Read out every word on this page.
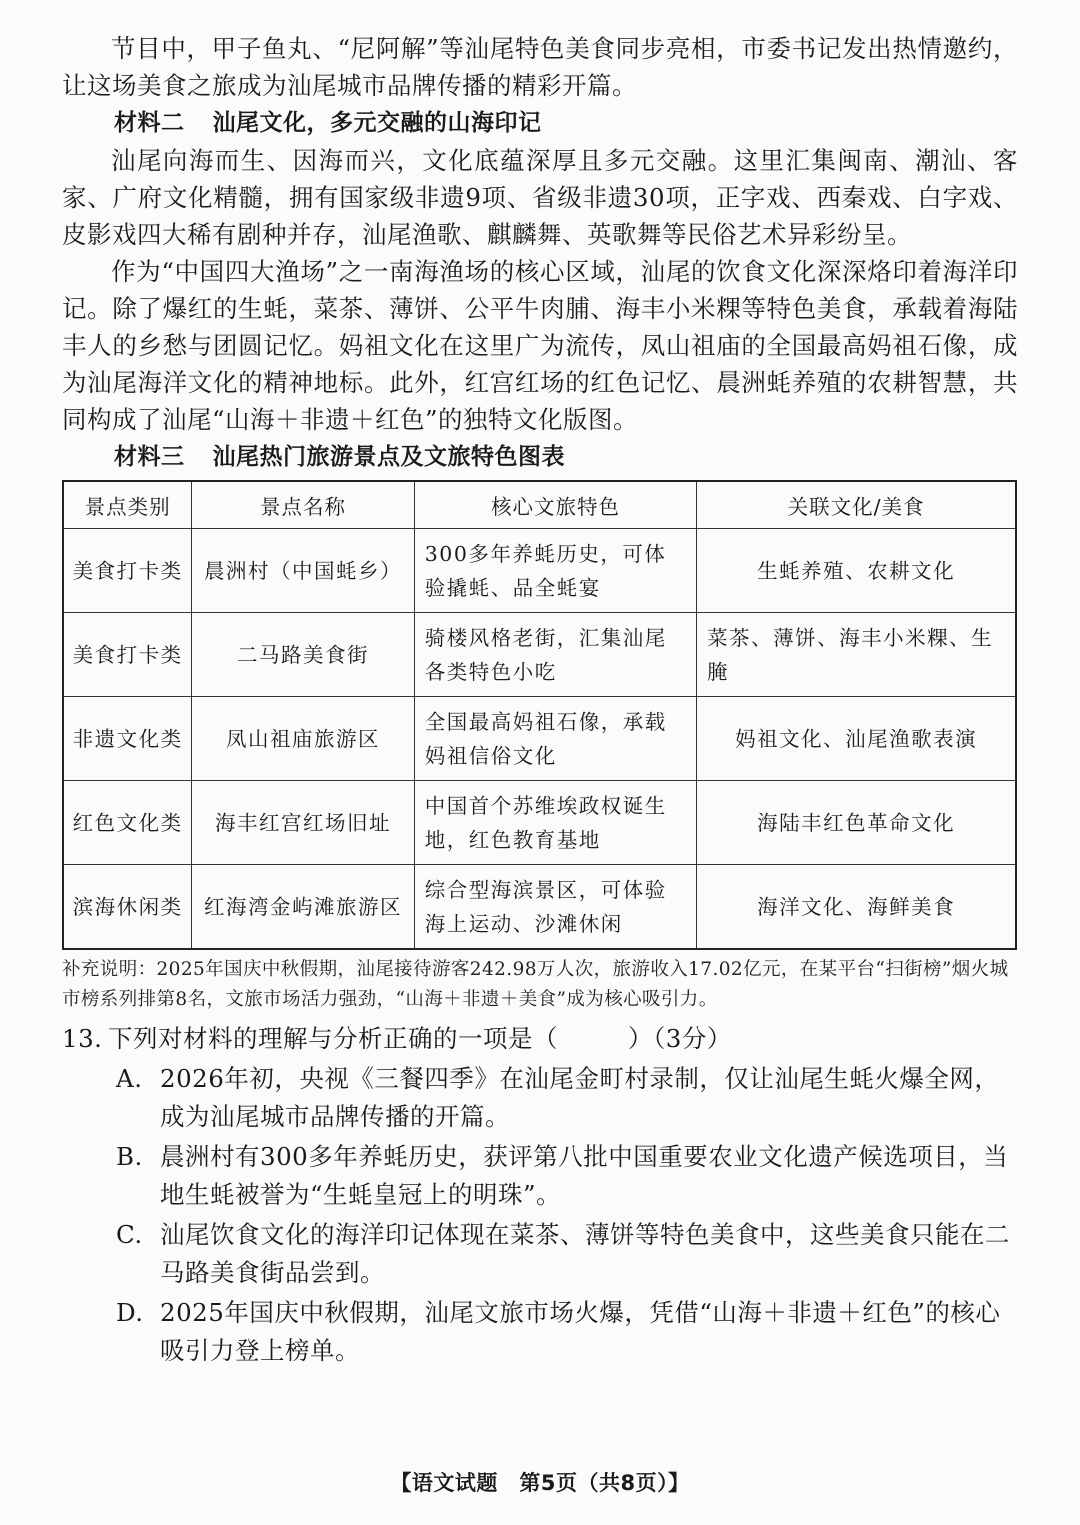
节目中，甲子鱼丸、“尼阿解”等汕尾特色美食同步亮相，市委书记发出热情邀约，让这场美食之旅成为汕尾城市品牌传播的精彩开篇。

材料二 汕尾文化，多元交融的山海印记

汕尾向海而生、因海而兴，文化底蕴深厚且多元交融。这里汇集闽南、潮汕、客家、广府文化精髓，拥有国家级非遗9项、省级非遗30项，正字戏、西秦戏、白字戏、皮影戏四大稀有剧种并存，汕尾渔歌、麒麟舞、英歌舞等民俗艺术异彩纷呈。

作为“中国四大渔场”之一南海渔场的核心区域，汕尾的饮食文化深深烙印着海洋印记。除了爆红的生蚝，菜茶、薄饼、公平牛肉脯、海丰小米粿等特色美食，承载着海陆丰人的乡愁与团圆记忆。妈祖文化在这里广为流传，凤山祖庙的全国最高妈祖石像，成为汕尾海洋文化的精神地标。此外，红宫红场的红色记忆、晨洲蚝养殖的农耕智慧，共同构成了汕尾“山海＋非遗＋红色”的独特文化版图。

材料三 汕尾热门旅游景点及文旅特色图表

景点类别	景点名称	核心文旅特色	关联文化/美食
美食打卡类	晨洲村（中国蚝乡）	300多年养蚝历史，可体验撬蚝、品全蚝宴	生蚝养殖、农耕文化
美食打卡类	二马路美食街	骑楼风格老街，汇集汕尾各类特色小吃	菜茶、薄饼、海丰小米粿、生腌
非遗文化类	凤山祖庙旅游区	全国最高妈祖石像，承载妈祖信俗文化	妈祖文化、汕尾渔歌表演
红色文化类	海丰红宫红场旧址	中国首个苏维埃政权诞生地，红色教育基地	海陆丰红色革命文化
滨海休闲类	红海湾金屿滩旅游区	综合型海滨景区，可体验海上运动、沙滩休闲	海洋文化、海鲜美食

补充说明：2025年国庆中秋假期，汕尾接待游客242.98万人次，旅游收入17.02亿元，在某平台“扫街榜”烟火城市榜系列排第8名，文旅市场活力强劲，“山海＋非遗＋美食”成为核心吸引力。

13. 下列对材料的理解与分析正确的一项是（	）（3分）

A. 2026年初，央视《三餐四季》在汕尾金町村录制，仅让汕尾生蚝火爆全网，成为汕尾城市品牌传播的开篇。

B. 晨洲村有300多年养蚝历史，获评第八批中国重要农业文化遗产候选项目，当地生蚝被誉为“生蚝皇冠上的明珠”。

C. 汕尾饮食文化的海洋印记体现在菜茶、薄饼等特色美食中，这些美食只能在二马路美食街品尝到。

D. 2025年国庆中秋假期，汕尾文旅市场火爆，凭借“山海＋非遗＋红色”的核心吸引力登上榜单。

【语文试题　第5页（共8页）】
